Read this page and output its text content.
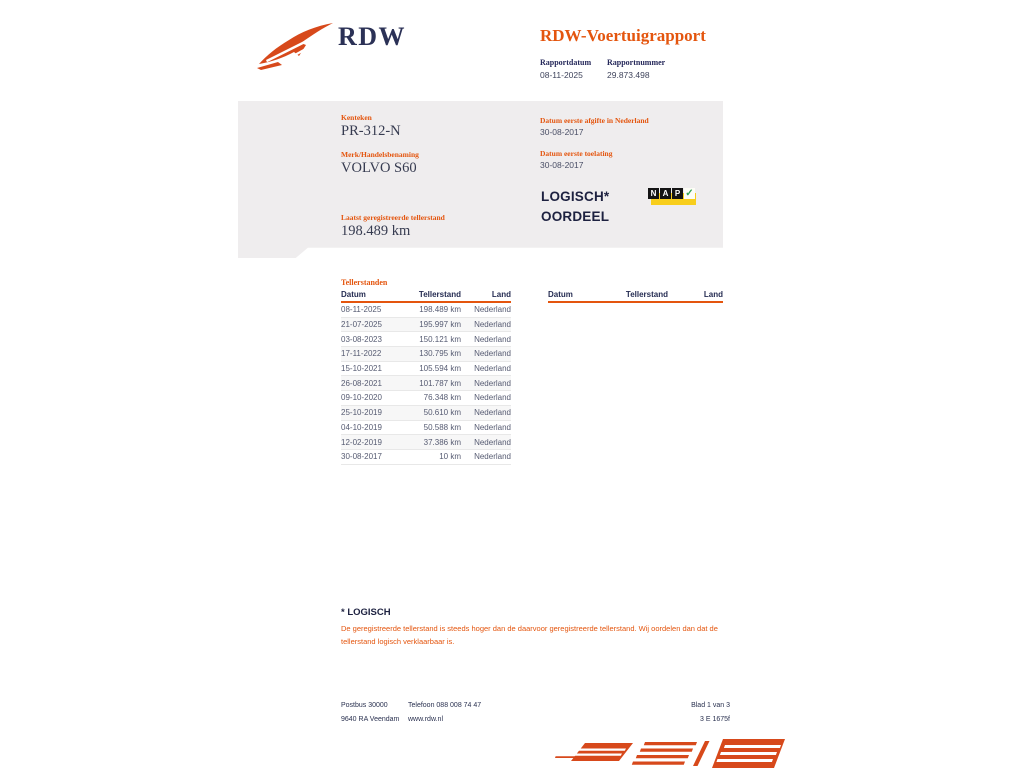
RDW	RDW-Voertuigrapport
Rapportdatum
08-11-2025
Rapportnummer
29.873.498
Kenteken
PR-312-N
Merk/Handelsbenaming
VOLVO S60
Laatst geregistreerde tellerstand
198.489 km
Datum eerste afgifte in Nederland
30-08-2017
Datum eerste toelating
30-08-2017
LOGISCH*
OORDEEL
N A P ✓
Tellerstanden
Datum	Tellerstand	Land
08-11-2025	198.489 km	Nederland
21-07-2025	195.997 km	Nederland
03-08-2023	150.121 km	Nederland
17-11-2022	130.795 km	Nederland
15-10-2021	105.594 km	Nederland
26-08-2021	101.787 km	Nederland
09-10-2020	76.348 km	Nederland
25-10-2019	50.610 km	Nederland
04-10-2019	50.588 km	Nederland
12-02-2019	37.386 km	Nederland
30-08-2017	10 km	Nederland
Datum	Tellerstand	Land
* LOGISCH
De geregistreerde tellerstand is steeds hoger dan de daarvoor geregistreerde tellerstand. Wij oordelen dan dat de tellerstand logisch verklaarbaar is.
Postbus 30000
9640 RA Veendam
Telefoon 088 008 74 47
www.rdw.nl
Blad 1 van 3
3 E 1675f
